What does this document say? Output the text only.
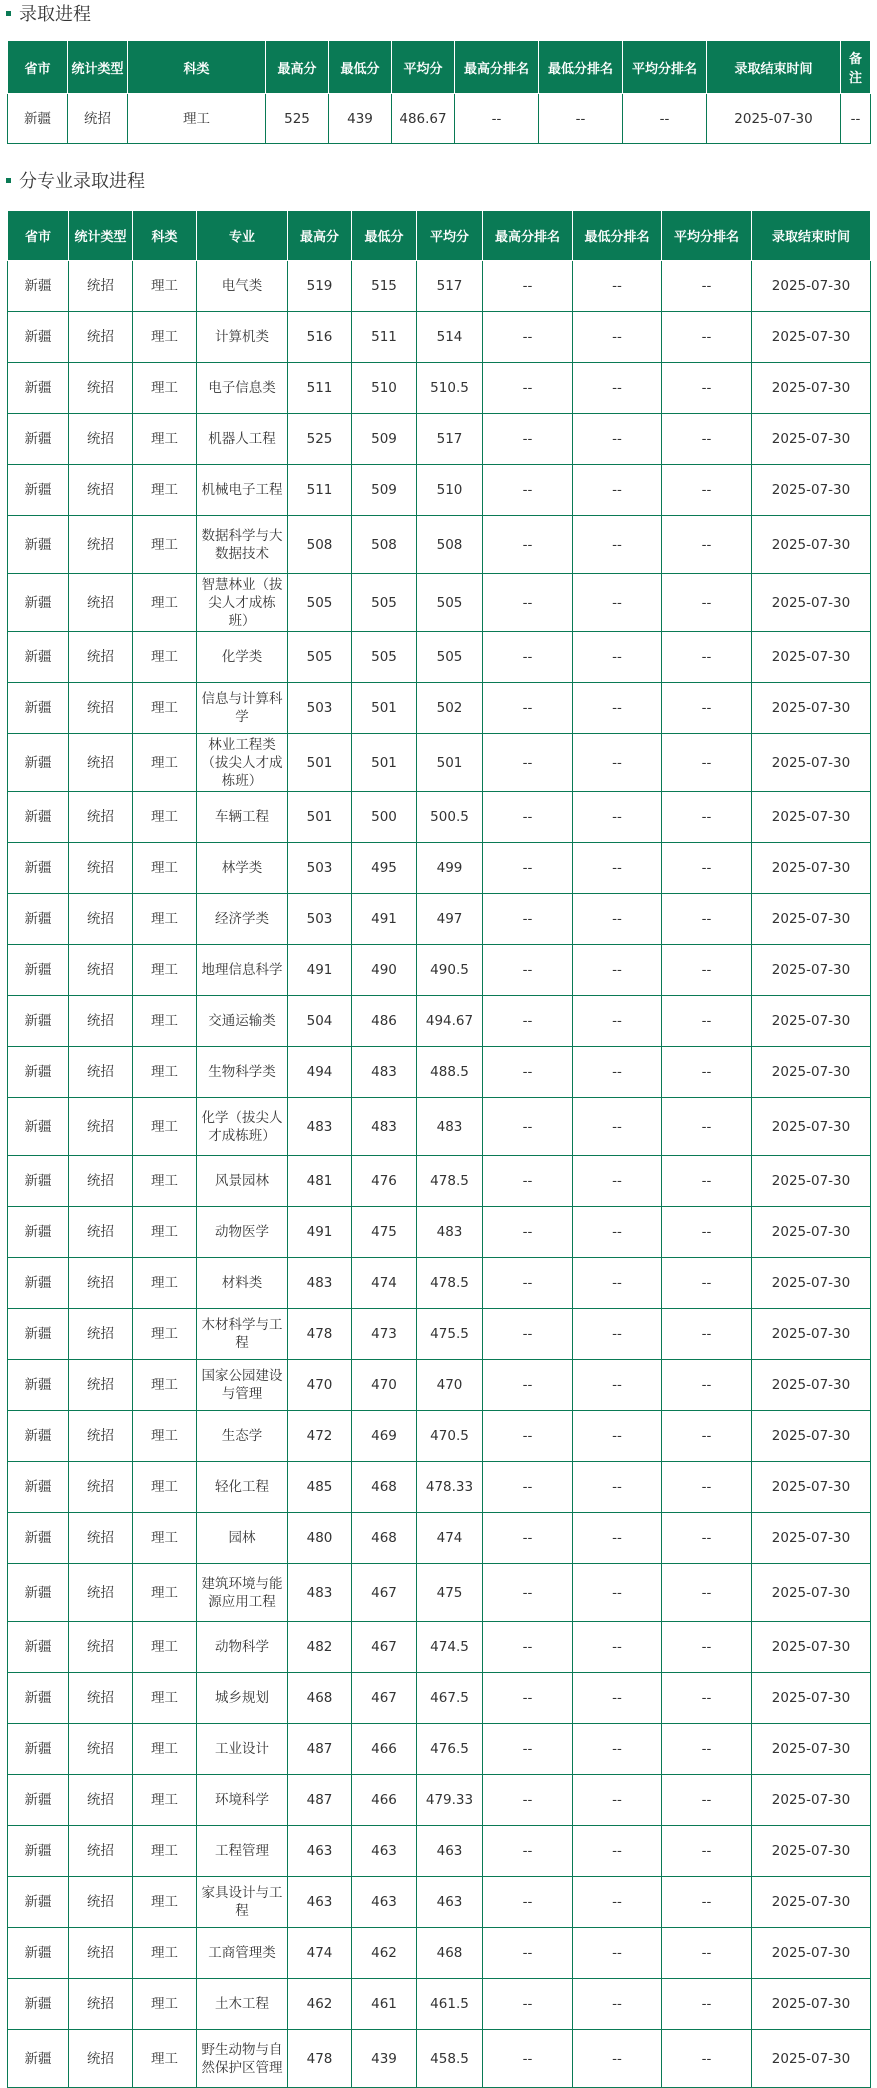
录取进程
省市	统计类型	科类	最高分	最低分	平均分	最高分排名	最低分排名	平均分排名	录取结束时间	备注
新疆	统招	理工	525	439	486.67	--	--	--	2025-07-30	--
分专业录取进程
省市	统计类型	科类	专业	最高分	最低分	平均分	最高分排名	最低分排名	平均分排名	录取结束时间
新疆	统招	理工	电气类	519	515	517	--	--	--	2025-07-30
新疆	统招	理工	计算机类	516	511	514	--	--	--	2025-07-30
新疆	统招	理工	电子信息类	511	510	510.5	--	--	--	2025-07-30
新疆	统招	理工	机器人工程	525	509	517	--	--	--	2025-07-30
新疆	统招	理工	机械电子工程	511	509	510	--	--	--	2025-07-30
新疆	统招	理工	数据科学与大数据技术	508	508	508	--	--	--	2025-07-30
新疆	统招	理工	智慧林业（拔尖人才成栋班）	505	505	505	--	--	--	2025-07-30
新疆	统招	理工	化学类	505	505	505	--	--	--	2025-07-30
新疆	统招	理工	信息与计算科学	503	501	502	--	--	--	2025-07-30
新疆	统招	理工	林业工程类（拔尖人才成栋班）	501	501	501	--	--	--	2025-07-30
新疆	统招	理工	车辆工程	501	500	500.5	--	--	--	2025-07-30
新疆	统招	理工	林学类	503	495	499	--	--	--	2025-07-30
新疆	统招	理工	经济学类	503	491	497	--	--	--	2025-07-30
新疆	统招	理工	地理信息科学	491	490	490.5	--	--	--	2025-07-30
新疆	统招	理工	交通运输类	504	486	494.67	--	--	--	2025-07-30
新疆	统招	理工	生物科学类	494	483	488.5	--	--	--	2025-07-30
新疆	统招	理工	化学（拔尖人才成栋班）	483	483	483	--	--	--	2025-07-30
新疆	统招	理工	风景园林	481	476	478.5	--	--	--	2025-07-30
新疆	统招	理工	动物医学	491	475	483	--	--	--	2025-07-30
新疆	统招	理工	材料类	483	474	478.5	--	--	--	2025-07-30
新疆	统招	理工	木材科学与工程	478	473	475.5	--	--	--	2025-07-30
新疆	统招	理工	国家公园建设与管理	470	470	470	--	--	--	2025-07-30
新疆	统招	理工	生态学	472	469	470.5	--	--	--	2025-07-30
新疆	统招	理工	轻化工程	485	468	478.33	--	--	--	2025-07-30
新疆	统招	理工	园林	480	468	474	--	--	--	2025-07-30
新疆	统招	理工	建筑环境与能源应用工程	483	467	475	--	--	--	2025-07-30
新疆	统招	理工	动物科学	482	467	474.5	--	--	--	2025-07-30
新疆	统招	理工	城乡规划	468	467	467.5	--	--	--	2025-07-30
新疆	统招	理工	工业设计	487	466	476.5	--	--	--	2025-07-30
新疆	统招	理工	环境科学	487	466	479.33	--	--	--	2025-07-30
新疆	统招	理工	工程管理	463	463	463	--	--	--	2025-07-30
新疆	统招	理工	家具设计与工程	463	463	463	--	--	--	2025-07-30
新疆	统招	理工	工商管理类	474	462	468	--	--	--	2025-07-30
新疆	统招	理工	土木工程	462	461	461.5	--	--	--	2025-07-30
新疆	统招	理工	野生动物与自然保护区管理	478	439	458.5	--	--	--	2025-07-30
